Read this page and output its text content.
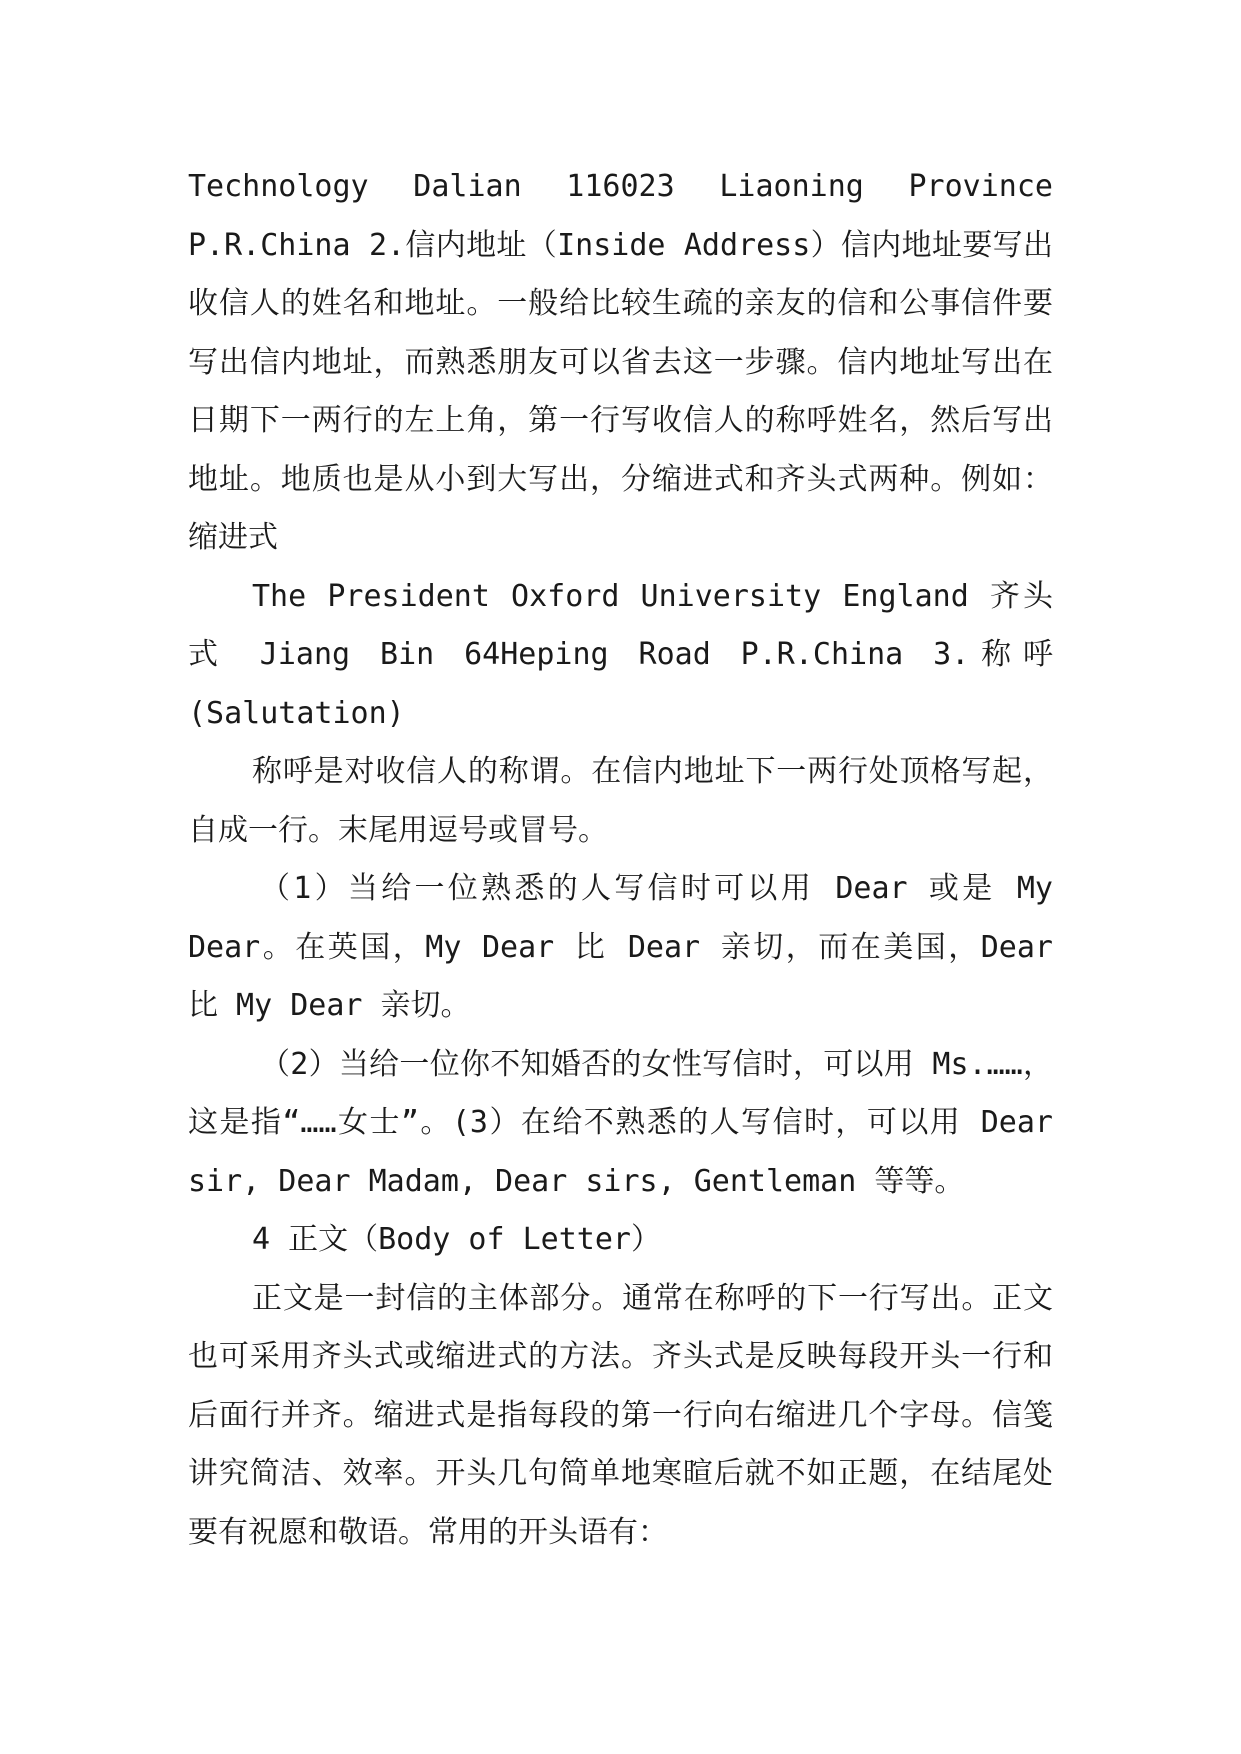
Technology Dalian 116023 Liaoning Province P.R.China 2.信内地址（Inside Address）信内地址要写出收信人的姓名和地址。一般给比较生疏的亲友的信和公事信件要写出信内地址，而熟悉朋友可以省去这一步骤。信内地址写出在日期下一两行的左上角，第一行写收信人的称呼姓名，然后写出地址。地质也是从小到大写出，分缩进式和齐头式两种。例如： 缩进式

The President Oxford University England 齐头式 Jiang Bin 64Heping Road P.R.China 3.称呼(Salutation)

称呼是对收信人的称谓。在信内地址下一两行处顶格写起，自成一行。末尾用逗号或冒号。

（1）当给一位熟悉的人写信时可以用 Dear 或是 My Dear。在英国，My Dear 比 Dear 亲切，而在美国，Dear 比 My Dear 亲切。

（2）当给一位你不知婚否的女性写信时，可以用 Ms.……，这是指“……女士”。(3）在给不熟悉的人写信时，可以用 Dear sir, Dear Madam, Dear sirs, Gentleman 等等。

4 正文（Body of Letter）

正文是一封信的主体部分。通常在称呼的下一行写出。正文也可采用齐头式或缩进式的方法。齐头式是反映每段开头一行和后面行并齐。缩进式是指每段的第一行向右缩进几个字母。信笺讲究简洁、效率。开头几句简单地寒暄后就不如正题，在结尾处要有祝愿和敬语。常用的开头语有：
